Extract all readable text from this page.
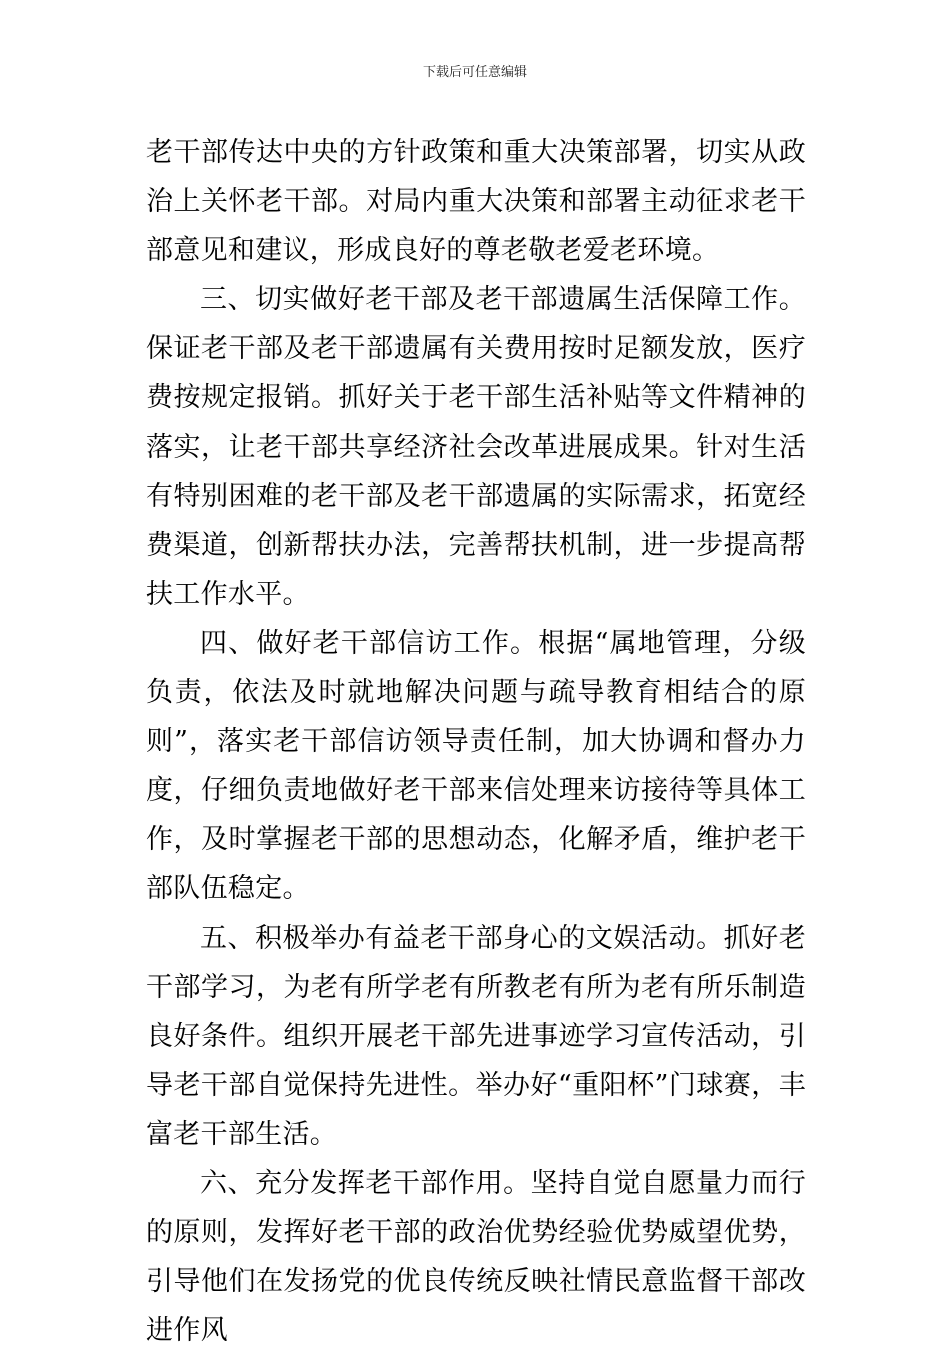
下载后可任意编辑

老干部传达中央的方针政策和重大决策部署，切实从政治上关怀老干部。对局内重大决策和部署主动征求老干部意见和建议，形成良好的尊老敬老爱老环境。

三、切实做好老干部及老干部遗属生活保障工作。保证老干部及老干部遗属有关费用按时足额发放，医疗费按规定报销。抓好关于老干部生活补贴等文件精神的落实，让老干部共享经济社会改革进展成果。针对生活有特别困难的老干部及老干部遗属的实际需求，拓宽经费渠道，创新帮扶办法，完善帮扶机制，进一步提高帮扶工作水平。

四、做好老干部信访工作。根据“属地管理，分级负责，依法及时就地解决问题与疏导教育相结合的原则”，落实老干部信访领导责任制，加大协调和督办力度，仔细负责地做好老干部来信处理来访接待等具体工作，及时掌握老干部的思想动态，化解矛盾，维护老干部队伍稳定。

五、积极举办有益老干部身心的文娱活动。抓好老干部学习，为老有所学老有所教老有所为老有所乐制造良好条件。组织开展老干部先进事迹学习宣传活动，引导老干部自觉保持先进性。举办好“重阳杯”门球赛，丰富老干部生活。

六、充分发挥老干部作用。坚持自觉自愿量力而行的原则，发挥好老干部的政治优势经验优势威望优势，引导他们在发扬党的优良传统反映社情民意监督干部改进作风
